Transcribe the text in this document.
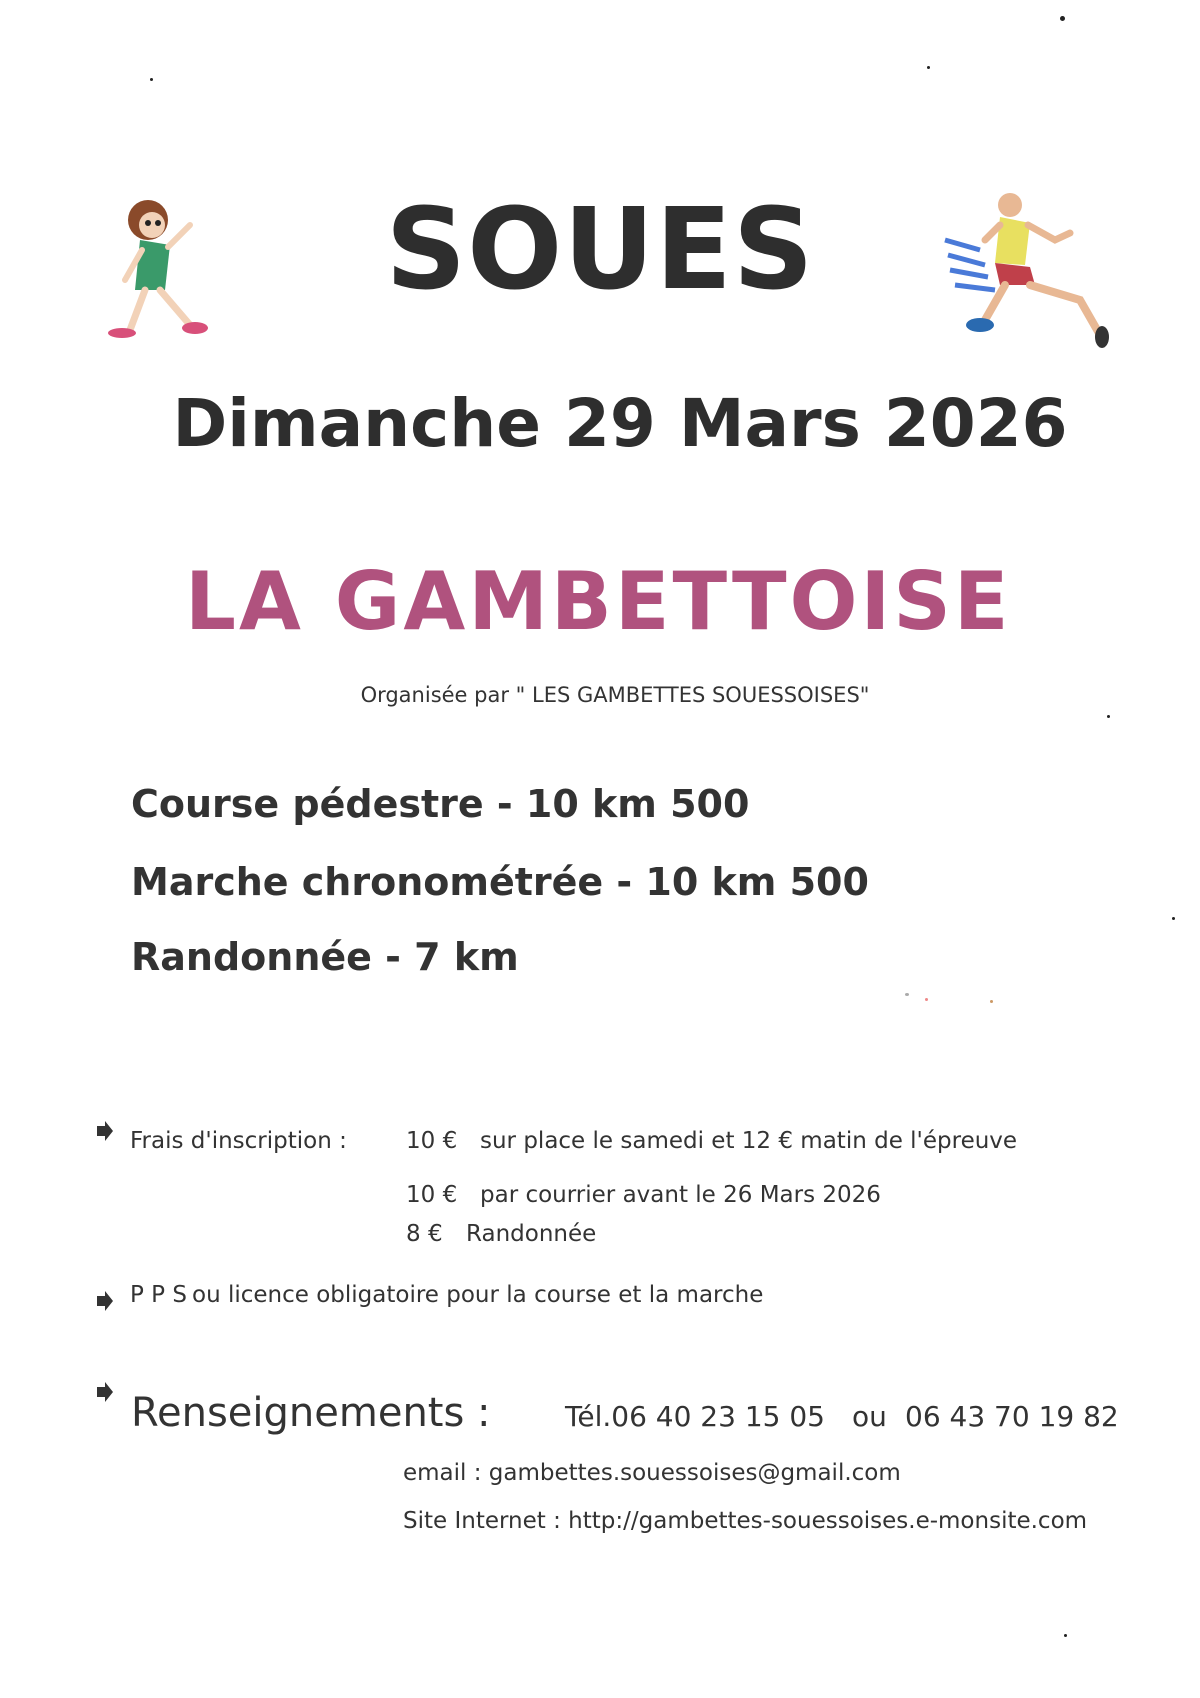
SOUES
Dimanche 29 Mars 2026
LA GAMBETTOISE
Organisée par " LES GAMBETTES SOUESSOISES"
Course pédestre - 10 km 500
Marche chronométrée - 10 km 500
Randonnée - 7 km
Frais d'inscription :	10 € sur place le samedi et 12 € matin de l'épreuve
10 € par courrier avant le 26 Mars 2026
8 € Randonnée
P P S ou licence obligatoire pour la course et la marche
Renseignements :	Tél.06 40 23 15 05 ou 06 43 70 19 82
email : gambettes.souessoises@gmail.com
Site Internet : http://gambettes-souessoises.e-monsite.com
